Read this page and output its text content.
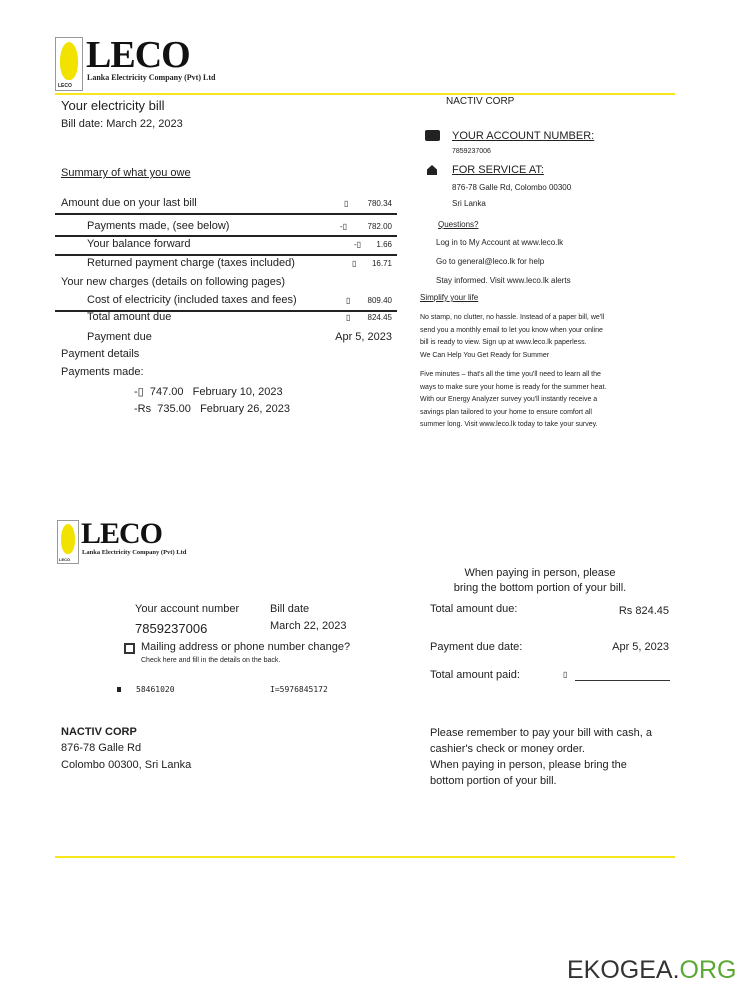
LECO
LECO
Lanka Electricity Company (Pvt) Ltd
Your electricity bill
Bill date: March 22, 2023
NACTIV CORP
YOUR ACCOUNT NUMBER:
7859237006
FOR SERVICE AT:
876-78 Galle Rd, Colombo 00300
Sri Lanka
Questions?
Log in to My Account at www.leco.lk
Go to general@leco.lk for help
Stay informed. Visit www.leco.lk alerts
Simplify your life
No stamp, no clutter, no hassle. Instead of a paper bill, we'll
send you a monthly email to let you know when your online
bill is ready to view. Sign up at www.leco.lk paperless.
We Can Help You Get Ready for Summer
Five minutes – that's all the time you'll need to learn all the
ways to make sure your home is ready for the summer heat.
With our Energy Analyzer survey you'll instantly receive a
savings plan tailored to your home to ensure comfort all
summer long. Visit www.leco.lk today to take your survey.
Summary of what you owe
Amount due on your last bill	▯	780.34
Payments made, (see below)	-▯	782.00
Your balance forward	-▯	1.66
Returned payment charge (taxes included)	▯	16.71
Your new charges (details on following pages)
Cost of electricity (included taxes and fees)	▯	809.40
Total amount due	▯	824.45
Payment due	Apr 5, 2023
Payment details
Payments made:
-▯ 747.00 February 10, 2023
-Rs 735.00 February 26, 2023
LECO
LECO
Lanka Electricity Company (Pvt) Ltd
When paying in person, please
bring the bottom portion of your bill.
Your account number
7859237006
Bill date
March 22, 2023
Mailing address or phone number change?
Check here and fill in the details on the back.
58461020	I=5976845172
Total amount due:	Rs 824.45
Payment due date:	Apr 5, 2023
Total amount paid:	▯
NACTIV CORP
876-78 Galle Rd
Colombo 00300, Sri Lanka
Please remember to pay your bill with cash, a
cashier's check or money order.
When paying in person, please bring the
bottom portion of your bill.
EKOGEA.ORG
